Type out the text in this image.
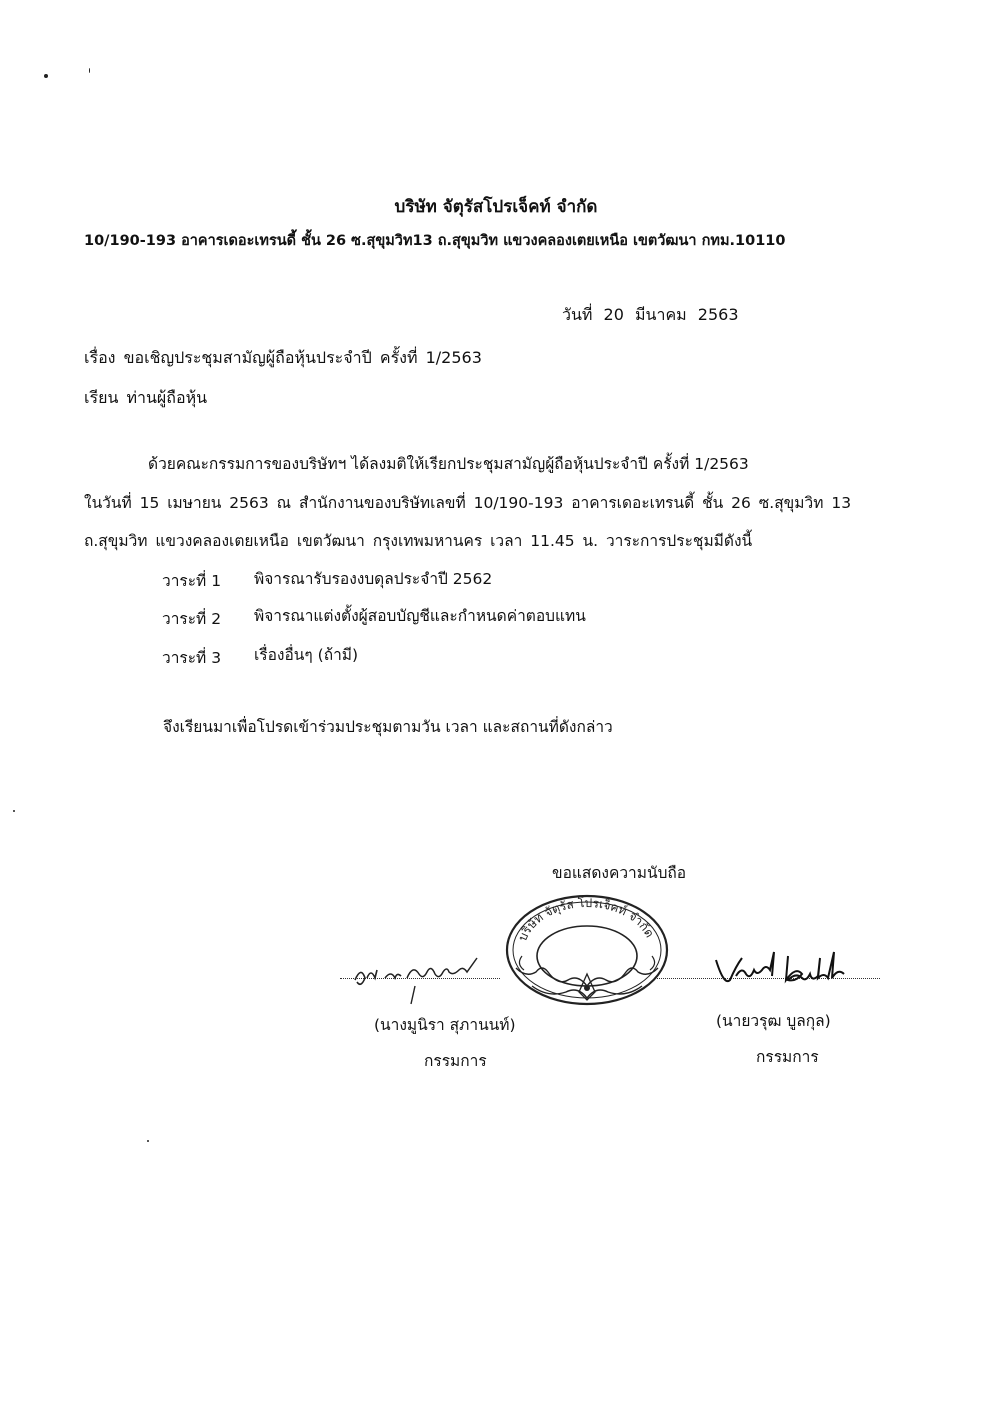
บริษัท จัตุรัสโปรเจ็คท์ จำกัด
10/190-193 อาคารเดอะเทรนดี้ ชั้น 26 ซ.สุขุมวิท13 ถ.สุขุมวิท แขวงคลองเตยเหนือ เขตวัฒนา กทม.10110
วันที่ 20 มีนาคม 2563
เรื่อง ขอเชิญประชุมสามัญผู้ถือหุ้นประจำปี ครั้งที่ 1/2563
เรียน ท่านผู้ถือหุ้น
ด้วยคณะกรรมการของบริษัทฯ ได้ลงมติให้เรียกประชุมสามัญผู้ถือหุ้นประจำปี ครั้งที่ 1/2563
ในวันที่ 15 เมษายน 2563 ณ สำนักงานของบริษัทเลขที่ 10/190-193 อาคารเดอะเทรนดี้ ชั้น 26 ซ.สุขุมวิท 13
ถ.สุขุมวิท แขวงคลองเตยเหนือ เขตวัฒนา กรุงเทพมหานคร เวลา 11.45 น. วาระการประชุมมีดังนี้
วาระที่ 1 พิจารณารับรองงบดุลประจำปี 2562
วาระที่ 2 พิจารณาแต่งตั้งผู้สอบบัญชีและกำหนดค่าตอบแทน
วาระที่ 3 เรื่องอื่นๆ (ถ้ามี)
จึงเรียนมาเพื่อโปรดเข้าร่วมประชุมตามวัน เวลา และสถานที่ดังกล่าว
ขอแสดงความนับถือ
บริษัท จัตุรัส โปรเจ็คท์ จำกัด
(นางมูนิรา สุภานนท์)
กรรมการ
(นายวรุฒ บูลกุล)
กรรมการ
